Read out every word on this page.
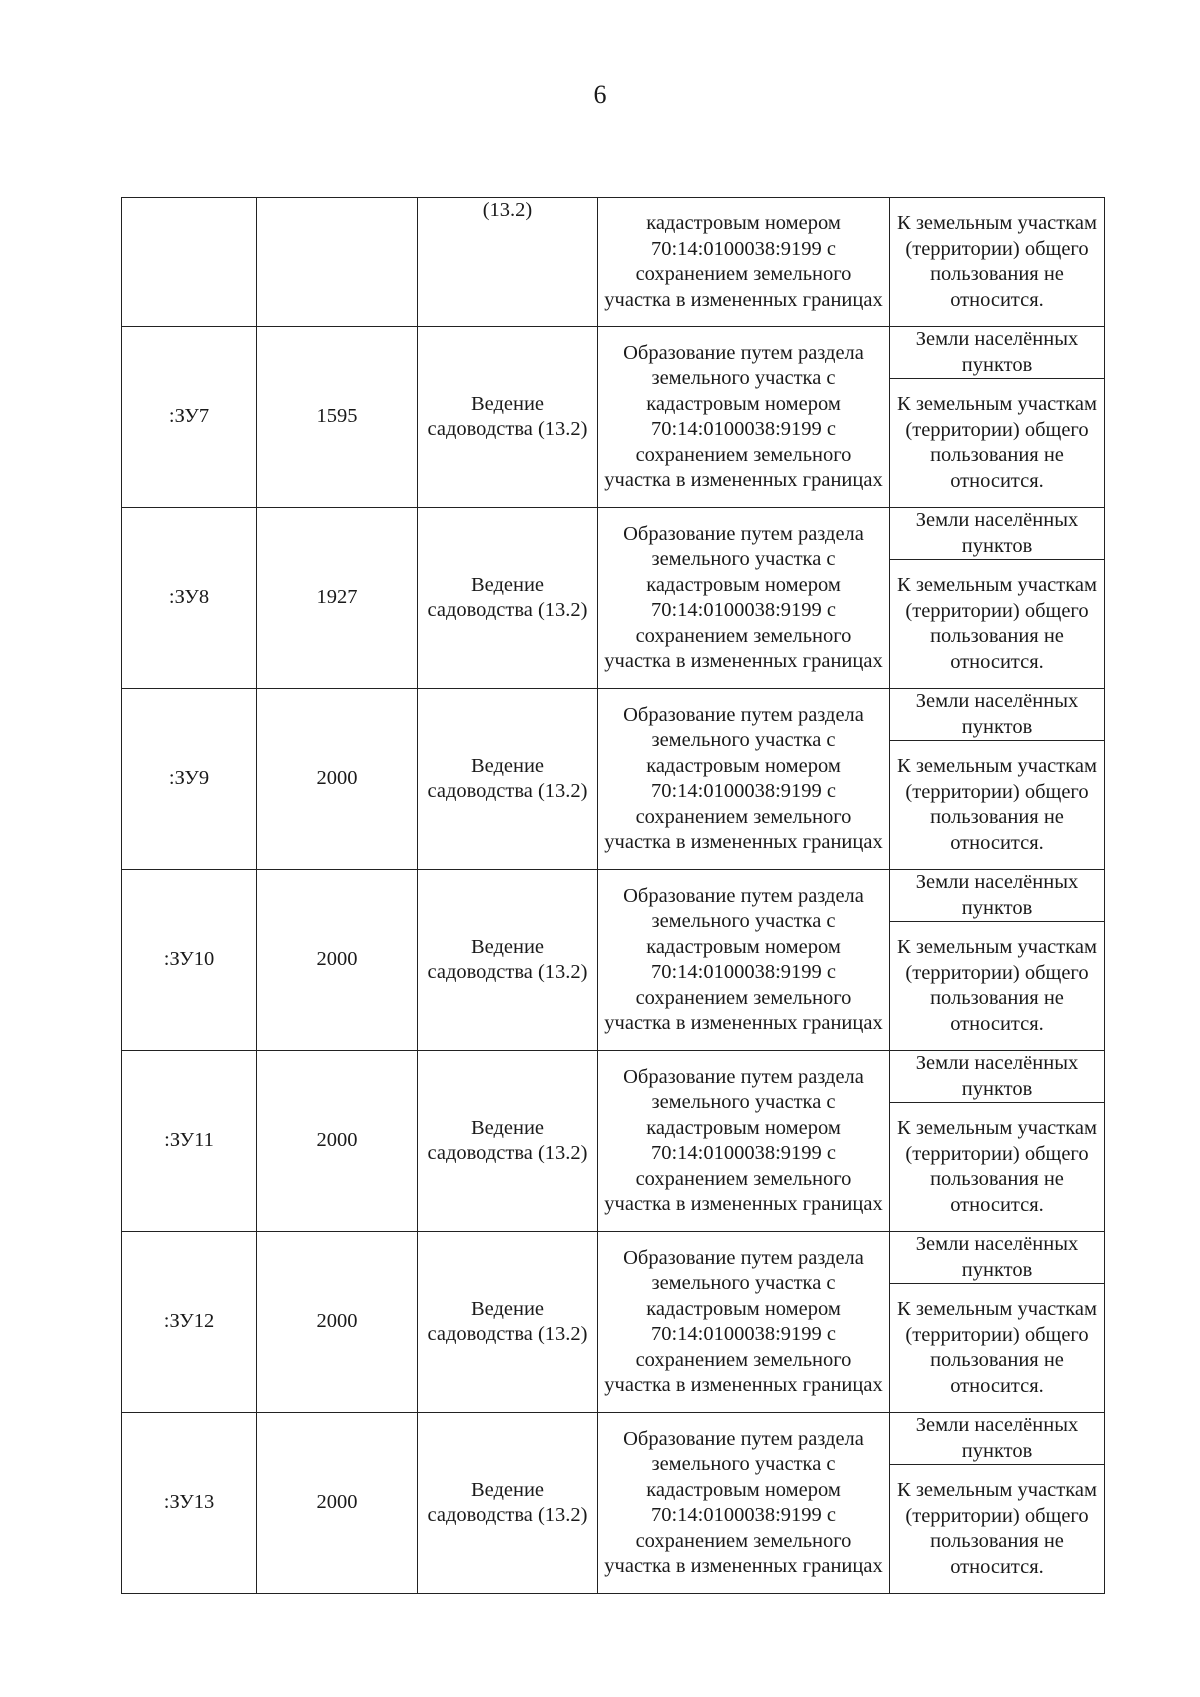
6
		(13.2)	кадастровым номером 70:14:0100038:9199 с сохранением земельного участка в измененных границах	К земельным участкам (территории) общего пользования не относится.
:ЗУ7	1595	Ведение садоводства (13.2)	Образование путем раздела земельного участка с кадастровым номером 70:14:0100038:9199 с сохранением земельного участка в измененных границах	Земли населённых пунктов
				К земельным участкам (территории) общего пользования не относится.
:ЗУ8	1927	Ведение садоводства (13.2)	Образование путем раздела земельного участка с кадастровым номером 70:14:0100038:9199 с сохранением земельного участка в измененных границах	Земли населённых пунктов
				К земельным участкам (территории) общего пользования не относится.
:ЗУ9	2000	Ведение садоводства (13.2)	Образование путем раздела земельного участка с кадастровым номером 70:14:0100038:9199 с сохранением земельного участка в измененных границах	Земли населённых пунктов
				К земельным участкам (территории) общего пользования не относится.
:ЗУ10	2000	Ведение садоводства (13.2)	Образование путем раздела земельного участка с кадастровым номером 70:14:0100038:9199 с сохранением земельного участка в измененных границах	Земли населённых пунктов
				К земельным участкам (территории) общего пользования не относится.
:ЗУ11	2000	Ведение садоводства (13.2)	Образование путем раздела земельного участка с кадастровым номером 70:14:0100038:9199 с сохранением земельного участка в измененных границах	Земли населённых пунктов
				К земельным участкам (территории) общего пользования не относится.
:ЗУ12	2000	Ведение садоводства (13.2)	Образование путем раздела земельного участка с кадастровым номером 70:14:0100038:9199 с сохранением земельного участка в измененных границах	Земли населённых пунктов
				К земельным участкам (территории) общего пользования не относится.
:ЗУ13	2000	Ведение садоводства (13.2)	Образование путем раздела земельного участка с кадастровым номером 70:14:0100038:9199 с сохранением земельного участка в измененных границах	Земли населённых пунктов
				К земельным участкам (территории) общего пользования не относится.
